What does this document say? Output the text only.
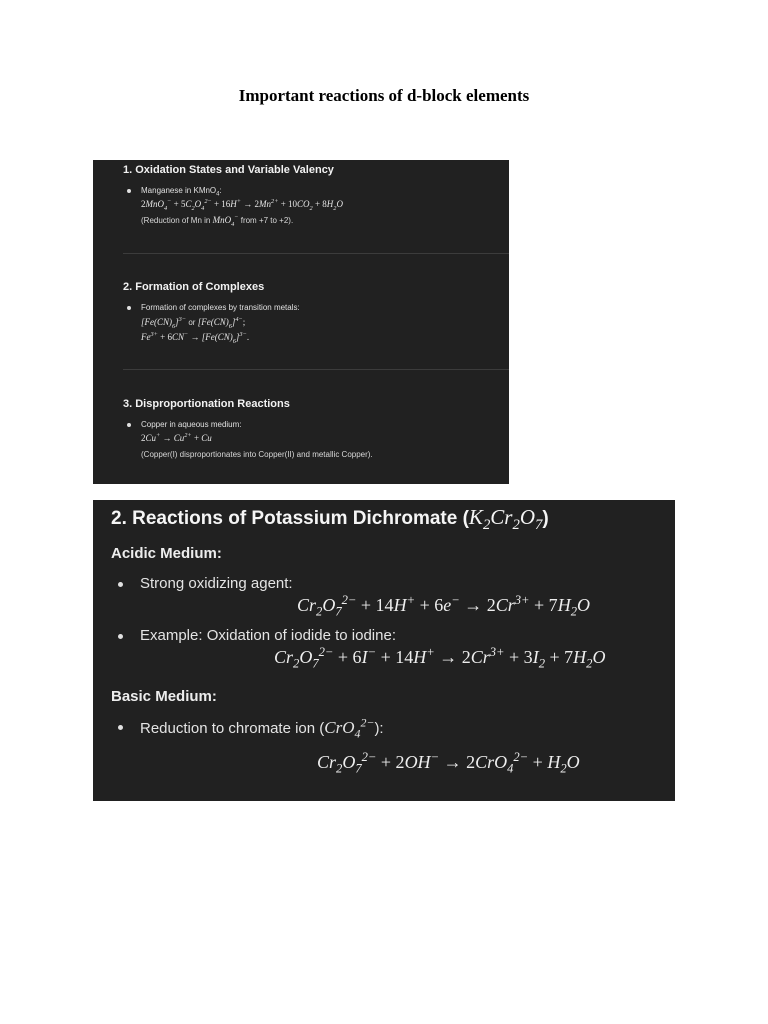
Important reactions of d-block elements
1. Oxidation States and Variable Valency
Manganese in KMnO$_4$:
$2MnO_4^- + 5C_2O_4^{2-} + 16H^+ \to 2Mn^{2+} + 10CO_2 + 8H_2O$
(Reduction of Mn in MnO$_4$− from +7 to +2).
2. Formation of Complexes
Formation of complexes by transition metals:
$[Fe(CN)_6]^{3-}$ or $[Fe(CN)_6]^{4-}$;
$Fe^{3+} + 6CN^- \to [Fe(CN)_6]^{3-}$.
3. Disproportionation Reactions
Copper in aqueous medium:
$2Cu^+ \to Cu^{2+} + Cu$
(Copper(I) disproportionates into Copper(II) and metallic Copper).
2. Reactions of Potassium Dichromate $(K_2Cr_2O_7)$
Acidic Medium:
Strong oxidizing agent:
$Cr_2O_7^{2-} + 14H^+ + 6e^- \to 2Cr^{3+} + 7H_2O$
Example: Oxidation of iodide to iodine:
$Cr_2O_7^{2-} + 6I^- + 14H^+ \to 2Cr^{3+} + 3I_2 + 7H_2O$
Basic Medium:
Reduction to chromate ion (CrO$_4^{2-}$):
$Cr_2O_7^{2-} + 2OH^- \to 2CrO_4^{2-} + H_2O$
